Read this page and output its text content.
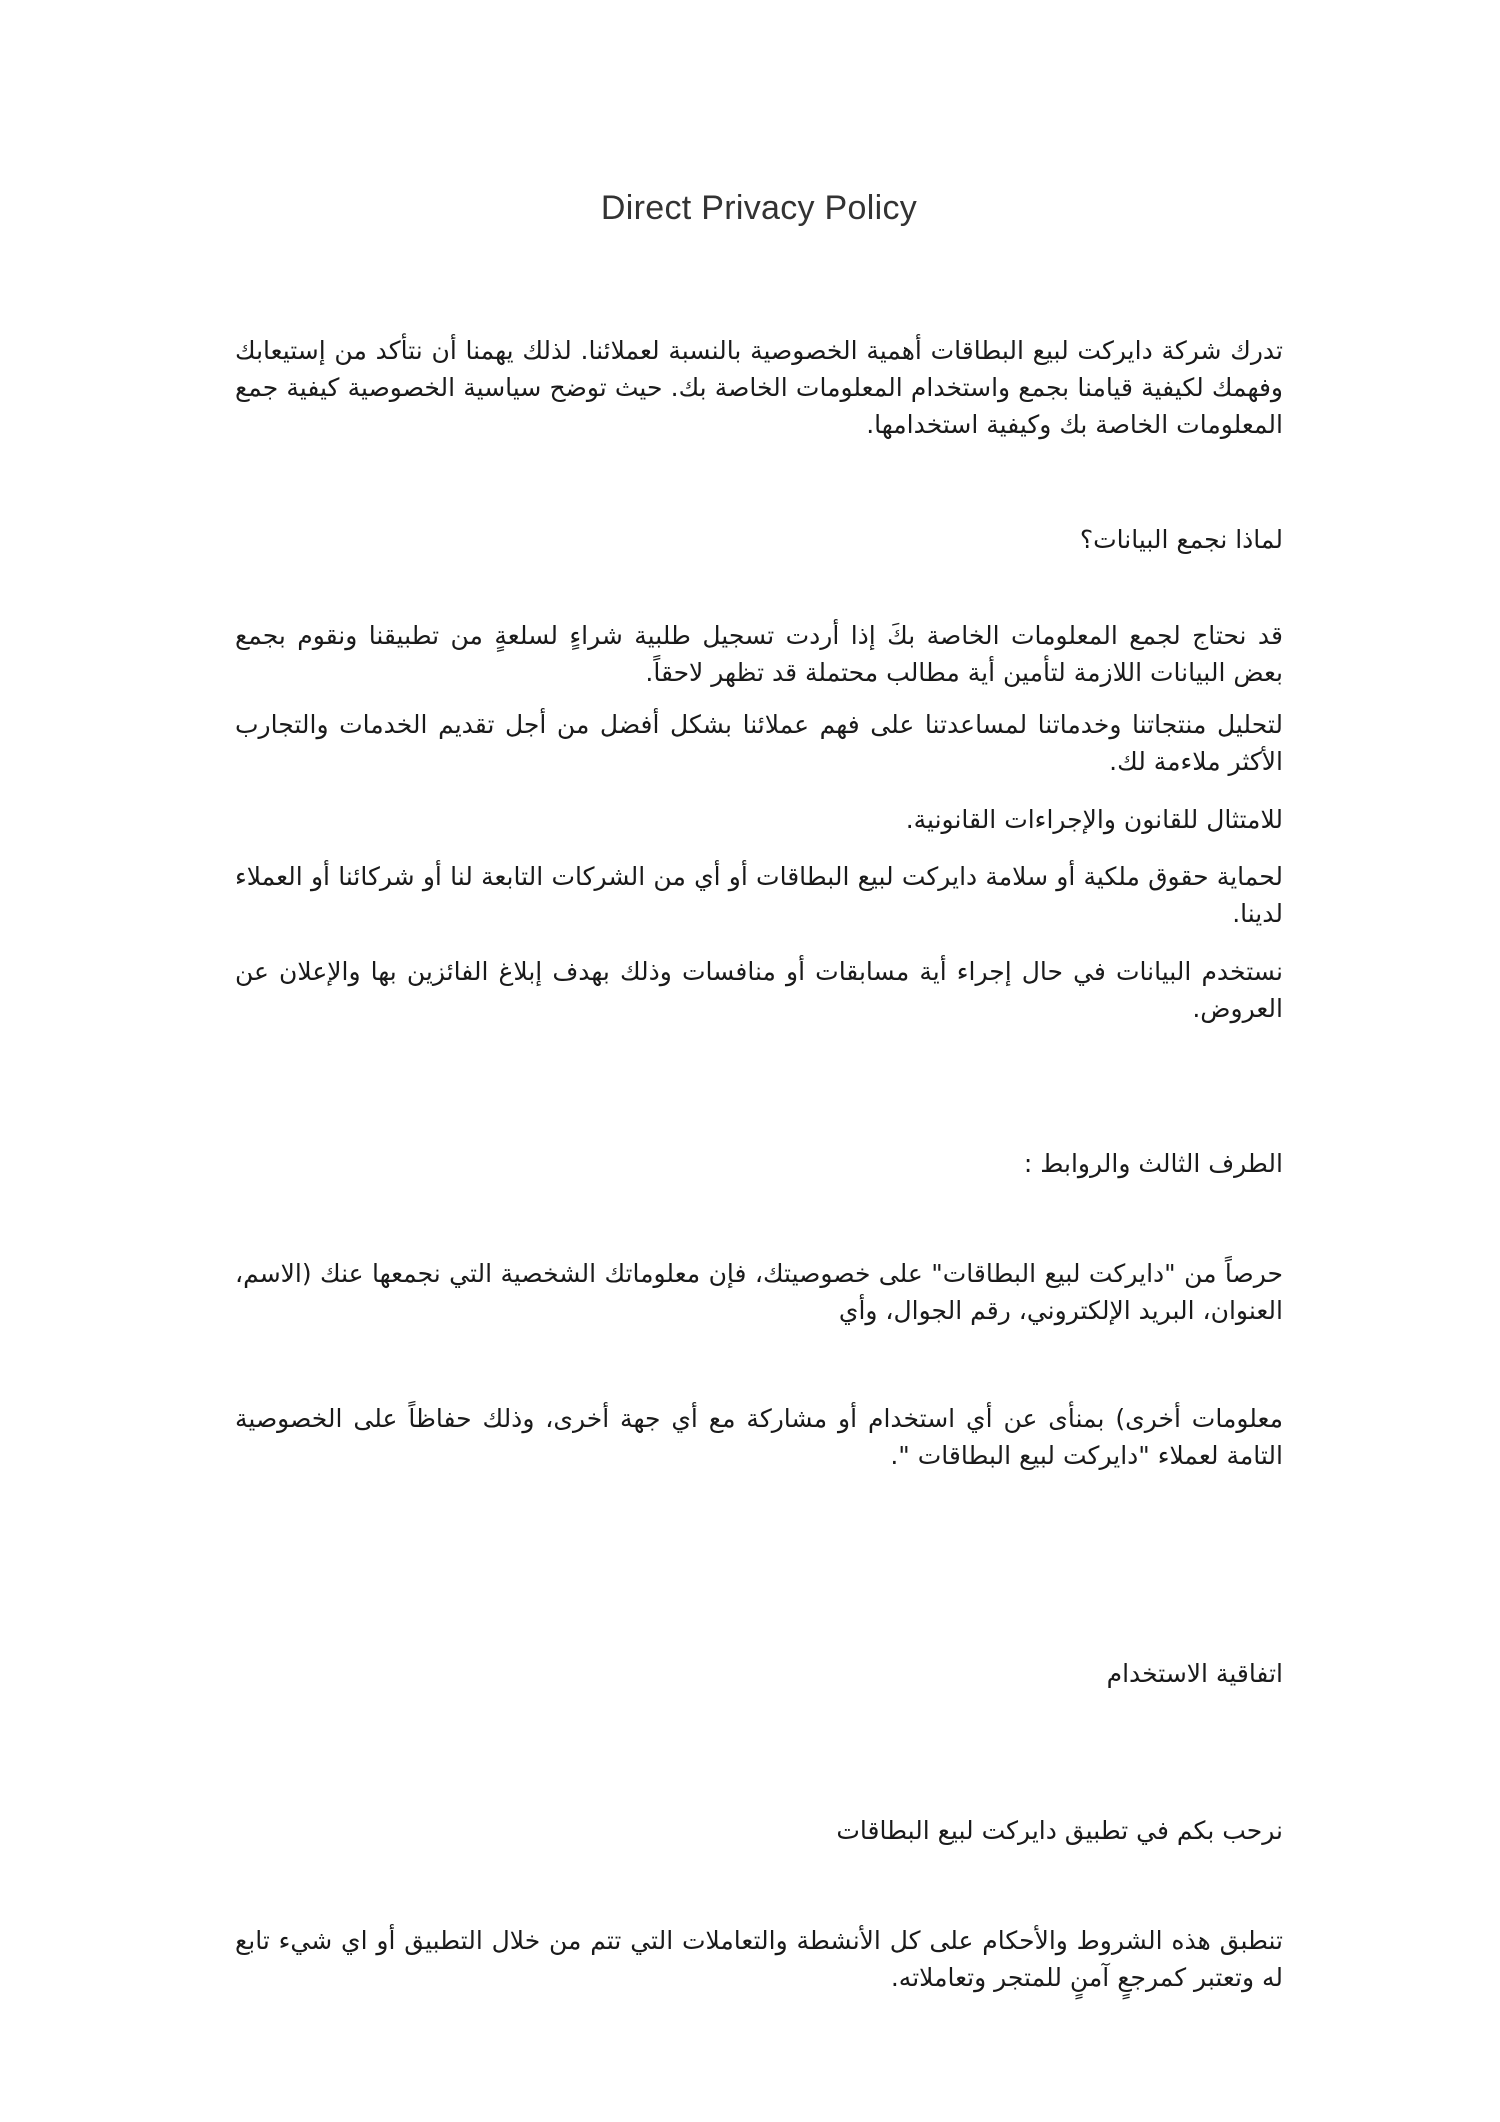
Direct Privacy Policy

تدرك شركة دايركت لبيع البطاقات أهمية الخصوصية بالنسبة لعملائنا. لذلك يهمنا أن نتأكد من إستيعابك وفهمك لكيفية قيامنا بجمع واستخدام المعلومات الخاصة بك. حيث توضح سياسية الخصوصية كيفية جمع المعلومات الخاصة بك وكيفية استخدامها.

لماذا نجمع البيانات؟

قد نحتاج لجمع المعلومات الخاصة بكَ إذا أردت تسجيل طلبية شراءٍ لسلعةٍ من تطبيقنا ونقوم بجمع بعض البيانات اللازمة لتأمين أية مطالب محتملة قد تظهر لاحقاً.

لتحليل منتجاتنا وخدماتنا لمساعدتنا على فهم عملائنا بشكل أفضل من أجل تقديم الخدمات والتجارب الأكثر ملاءمة لك.

للامتثال للقانون والإجراءات القانونية.

لحماية حقوق ملكية أو سلامة دايركت لبيع البطاقات أو أي من الشركات التابعة لنا أو شركائنا أو العملاء لدينا.

نستخدم البيانات في حال إجراء أية مسابقات أو منافسات وذلك بهدف إبلاغ الفائزين بها والإعلان عن العروض.

الطرف الثالث والروابط :

حرصاً من "دايركت لبيع البطاقات" على خصوصيتك، فإن معلوماتك الشخصية التي نجمعها عنك (الاسم، العنوان، البريد الإلكتروني، رقم الجوال، وأي

معلومات أخرى) بمنأى عن أي استخدام أو مشاركة مع أي جهة أخرى، وذلك حفاظاً على الخصوصية التامة لعملاء "دايركت لبيع البطاقات ".

اتفاقية الاستخدام

نرحب بكم في تطبيق دايركت لبيع البطاقات

تنطبق هذه الشروط والأحكام على كل الأنشطة والتعاملات التي تتم من خلال التطبيق أو اي شيء تابع له وتعتبر كمرجعٍ آمنٍ للمتجر وتعاملاته.
